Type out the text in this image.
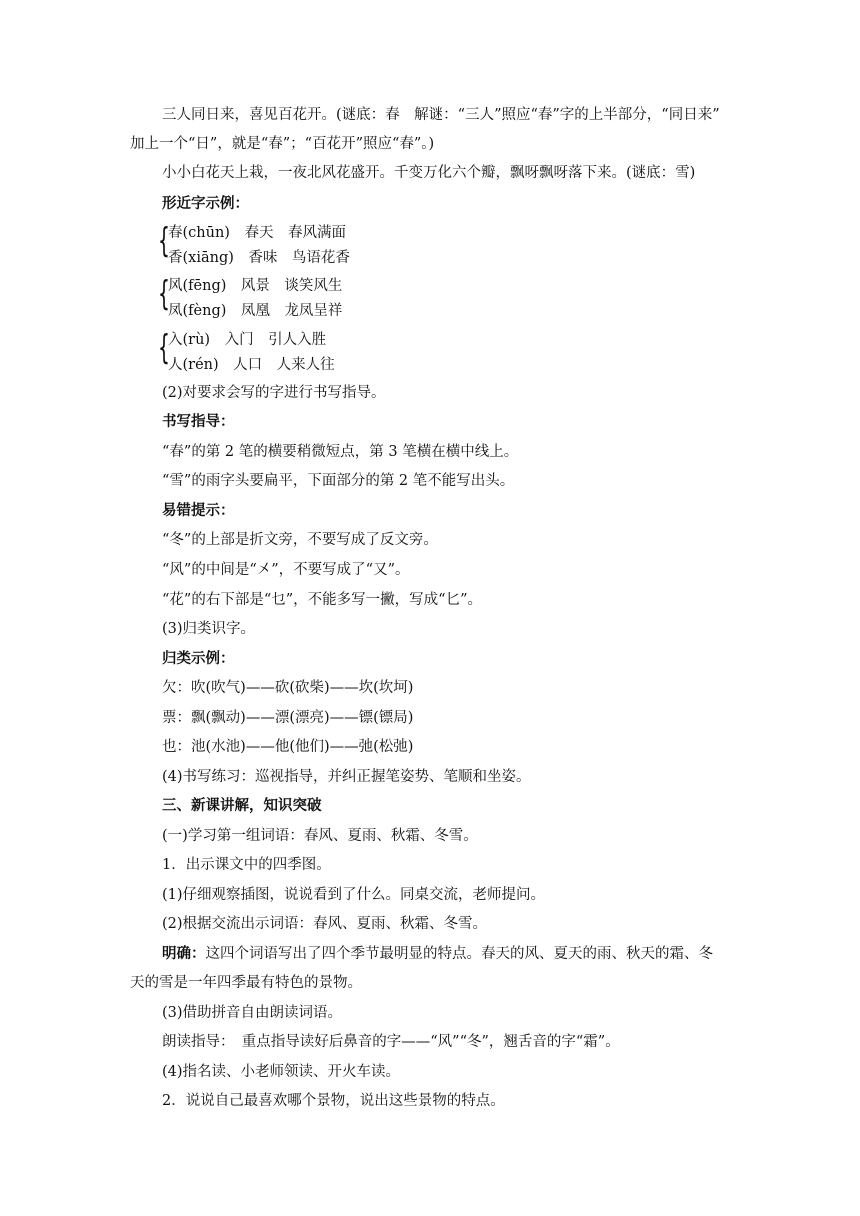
三人同日来，喜见百花开。(谜底：春　解谜：“三人”照应“春”字的上半部分，“同日来”
加上一个“日”，就是“春”；“百花开”照应“春”。)
小小白花天上栽，一夜北风花盛开。千变万化六个瓣，飘呀飘呀落下来。(谜底：雪)
形近字示例：
{
春(chūn)　春天　春风满面
香(xiāng)　香味　鸟语花香
{
风(fēng)　风景　谈笑风生
凤(fèng)　凤凰　龙凤呈祥
{
入(rù)　入门　引人入胜
人(rén)　人口　人来人往
(2)对要求会写的字进行书写指导。
书写指导：
“春”的第 2 笔的横要稍微短点，第 3 笔横在横中线上。
“雪”的雨字头要扁平，下面部分的第 2 笔不能写出头。
易错提示：
“冬”的上部是折文旁，不要写成了反文旁。
“风”的中间是“㐅”，不要写成了“又”。
“花”的右下部是“乜”，不能多写一撇，写成“匕”。
(3)归类识字。
归类示例：
欠：吹(吹气)——砍(砍柴)——坎(坎坷)
票：飘(飘动)——漂(漂亮)——镖(镖局)
也：池(水池)——他(他们)——弛(松弛)
(4)书写练习：巡视指导，并纠正握笔姿势、笔顺和坐姿。
三、新课讲解，知识突破
(一)学习第一组词语：春风、夏雨、秋霜、冬雪。
1．出示课文中的四季图。
(1)仔细观察插图，说说看到了什么。同桌交流，老师提问。
(2)根据交流出示词语：春风、夏雨、秋霜、冬雪。
明确：这四个词语写出了四个季节最明显的特点。春天的风、夏天的雨、秋天的霜、冬
天的雪是一年四季最有特色的景物。
(3)借助拼音自由朗读词语。
朗读指导：　重点指导读好后鼻音的字——“风”“冬”，翘舌音的字“霜”。
(4)指名读、小老师领读、开火车读。
2．说说自己最喜欢哪个景物，说出这些景物的特点。
